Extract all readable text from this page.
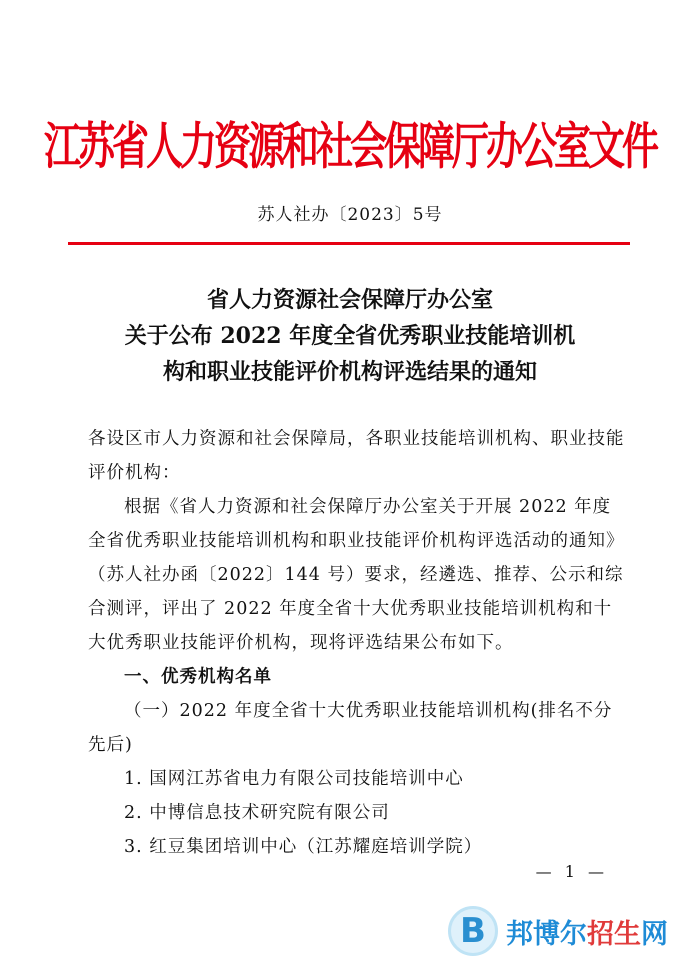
江苏省人力资源和社会保障厅办公室文件
苏人社办〔2023〕5号
省人力资源社会保障厅办公室
关于公布 2022 年度全省优秀职业技能培训机
构和职业技能评价机构评选结果的通知
各设区市人力资源和社会保障局，各职业技能培训机构、职业技能评价机构：
根据《省人力资源和社会保障厅办公室关于开展 2022 年度全省优秀职业技能培训机构和职业技能评价机构评选活动的通知》（苏人社办函〔2022〕144 号）要求，经遴选、推荐、公示和综合测评，评出了 2022 年度全省十大优秀职业技能培训机构和十大优秀职业技能评价机构，现将评选结果公布如下。
一、优秀机构名单
（一）2022 年度全省十大优秀职业技能培训机构(排名不分先后)
1. 国网江苏省电力有限公司技能培训中心
2. 中博信息技术研究院有限公司
3. 红豆集团培训中心（江苏耀庭培训学院）
— 1 —
B 邦博尔招生网
